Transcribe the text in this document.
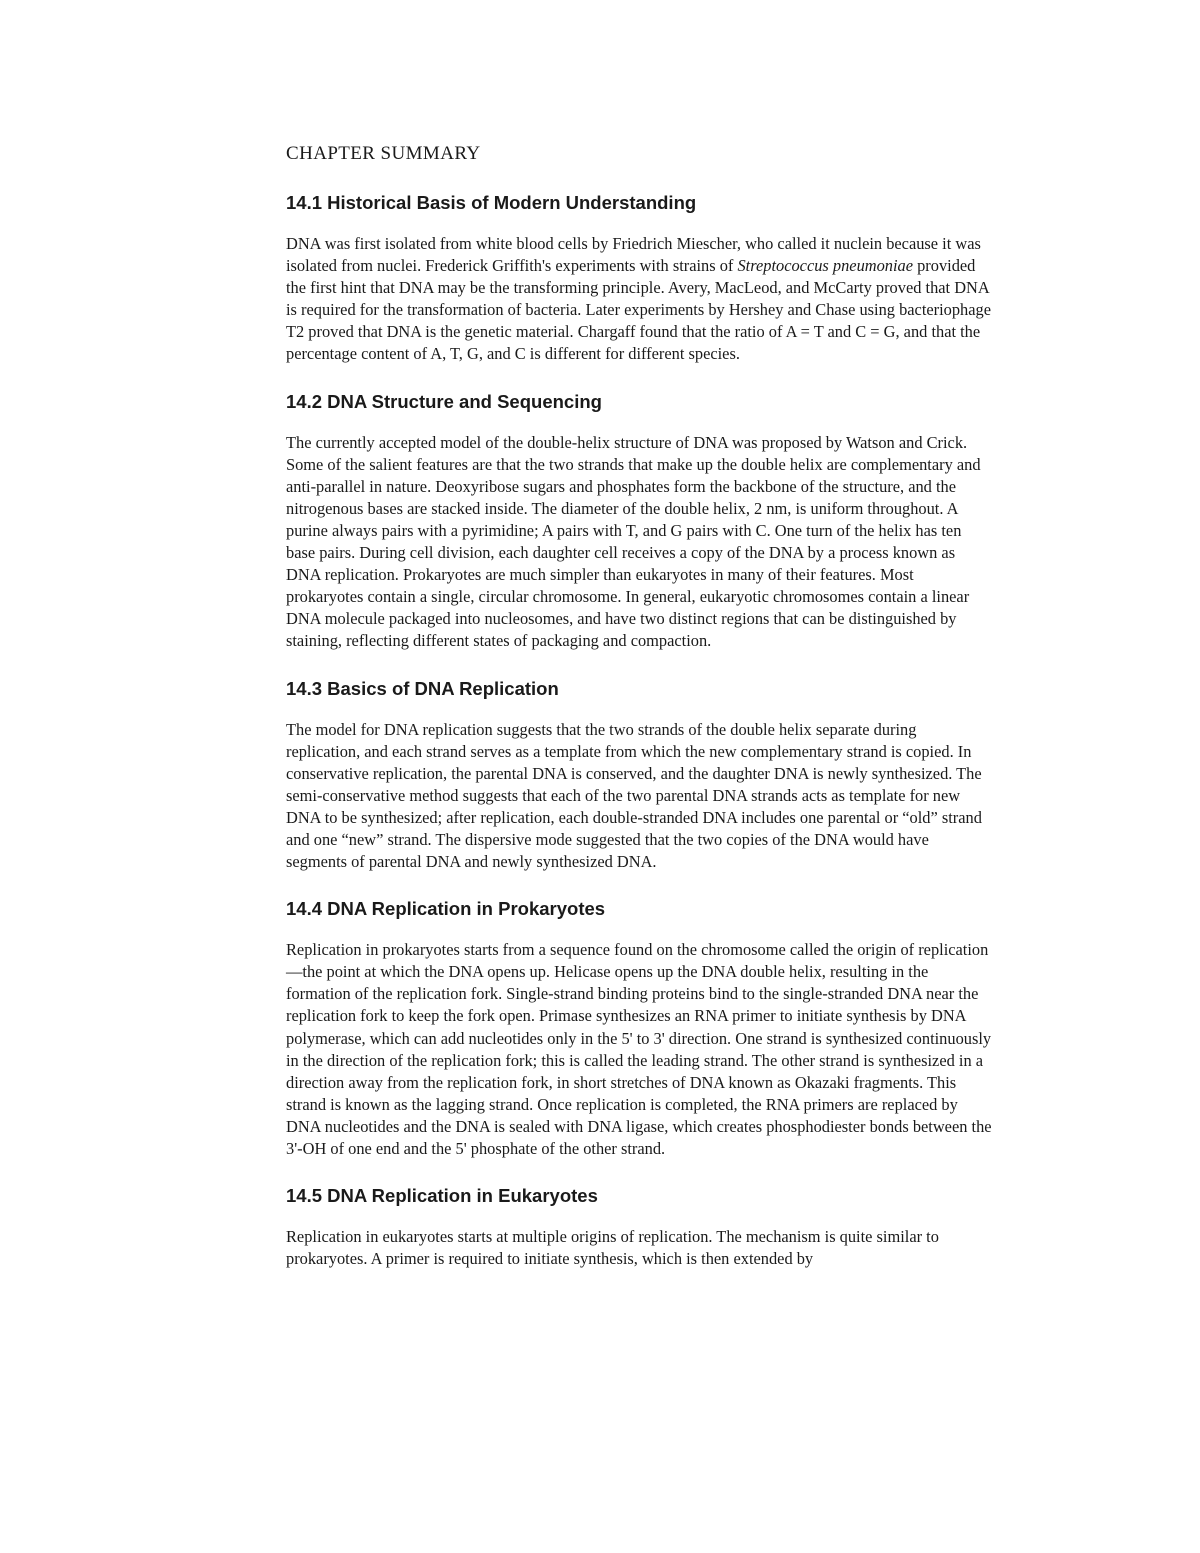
CHAPTER SUMMARY
14.1 Historical Basis of Modern Understanding

DNA was first isolated from white blood cells by Friedrich Miescher, who called it nuclein because it was isolated from nuclei. Frederick Griffith's experiments with strains of Streptococcus pneumoniae provided the first hint that DNA may be the transforming principle. Avery, MacLeod, and McCarty proved that DNA is required for the transformation of bacteria. Later experiments by Hershey and Chase using bacteriophage T2 proved that DNA is the genetic material. Chargaff found that the ratio of A = T and C = G, and that the percentage content of A, T, G, and C is different for different species.

14.2 DNA Structure and Sequencing

The currently accepted model of the double-helix structure of DNA was proposed by Watson and Crick. Some of the salient features are that the two strands that make up the double helix are complementary and anti-parallel in nature. Deoxyribose sugars and phosphates form the backbone of the structure, and the nitrogenous bases are stacked inside. The diameter of the double helix, 2 nm, is uniform throughout. A purine always pairs with a pyrimidine; A pairs with T, and G pairs with C. One turn of the helix has ten base pairs. During cell division, each daughter cell receives a copy of the DNA by a process known as DNA replication. Prokaryotes are much simpler than eukaryotes in many of their features. Most prokaryotes contain a single, circular chromosome. In general, eukaryotic chromosomes contain a linear DNA molecule packaged into nucleosomes, and have two distinct regions that can be distinguished by staining, reflecting different states of packaging and compaction.

14.3 Basics of DNA Replication

The model for DNA replication suggests that the two strands of the double helix separate during replication, and each strand serves as a template from which the new complementary strand is copied. In conservative replication, the parental DNA is conserved, and the daughter DNA is newly synthesized. The semi-conservative method suggests that each of the two parental DNA strands acts as template for new DNA to be synthesized; after replication, each double-stranded DNA includes one parental or “old” strand and one “new” strand. The dispersive mode suggested that the two copies of the DNA would have segments of parental DNA and newly synthesized DNA.

14.4 DNA Replication in Prokaryotes

Replication in prokaryotes starts from a sequence found on the chromosome called the origin of replication—the point at which the DNA opens up. Helicase opens up the DNA double helix, resulting in the formation of the replication fork. Single-strand binding proteins bind to the single-stranded DNA near the replication fork to keep the fork open. Primase synthesizes an RNA primer to initiate synthesis by DNA polymerase, which can add nucleotides only in the 5' to 3' direction. One strand is synthesized continuously in the direction of the replication fork; this is called the leading strand. The other strand is synthesized in a direction away from the replication fork, in short stretches of DNA known as Okazaki fragments. This strand is known as the lagging strand. Once replication is completed, the RNA primers are replaced by DNA nucleotides and the DNA is sealed with DNA ligase, which creates phosphodiester bonds between the 3'-OH of one end and the 5' phosphate of the other strand.

14.5 DNA Replication in Eukaryotes

Replication in eukaryotes starts at multiple origins of replication. The mechanism is quite similar to prokaryotes. A primer is required to initiate synthesis, which is then extended by
